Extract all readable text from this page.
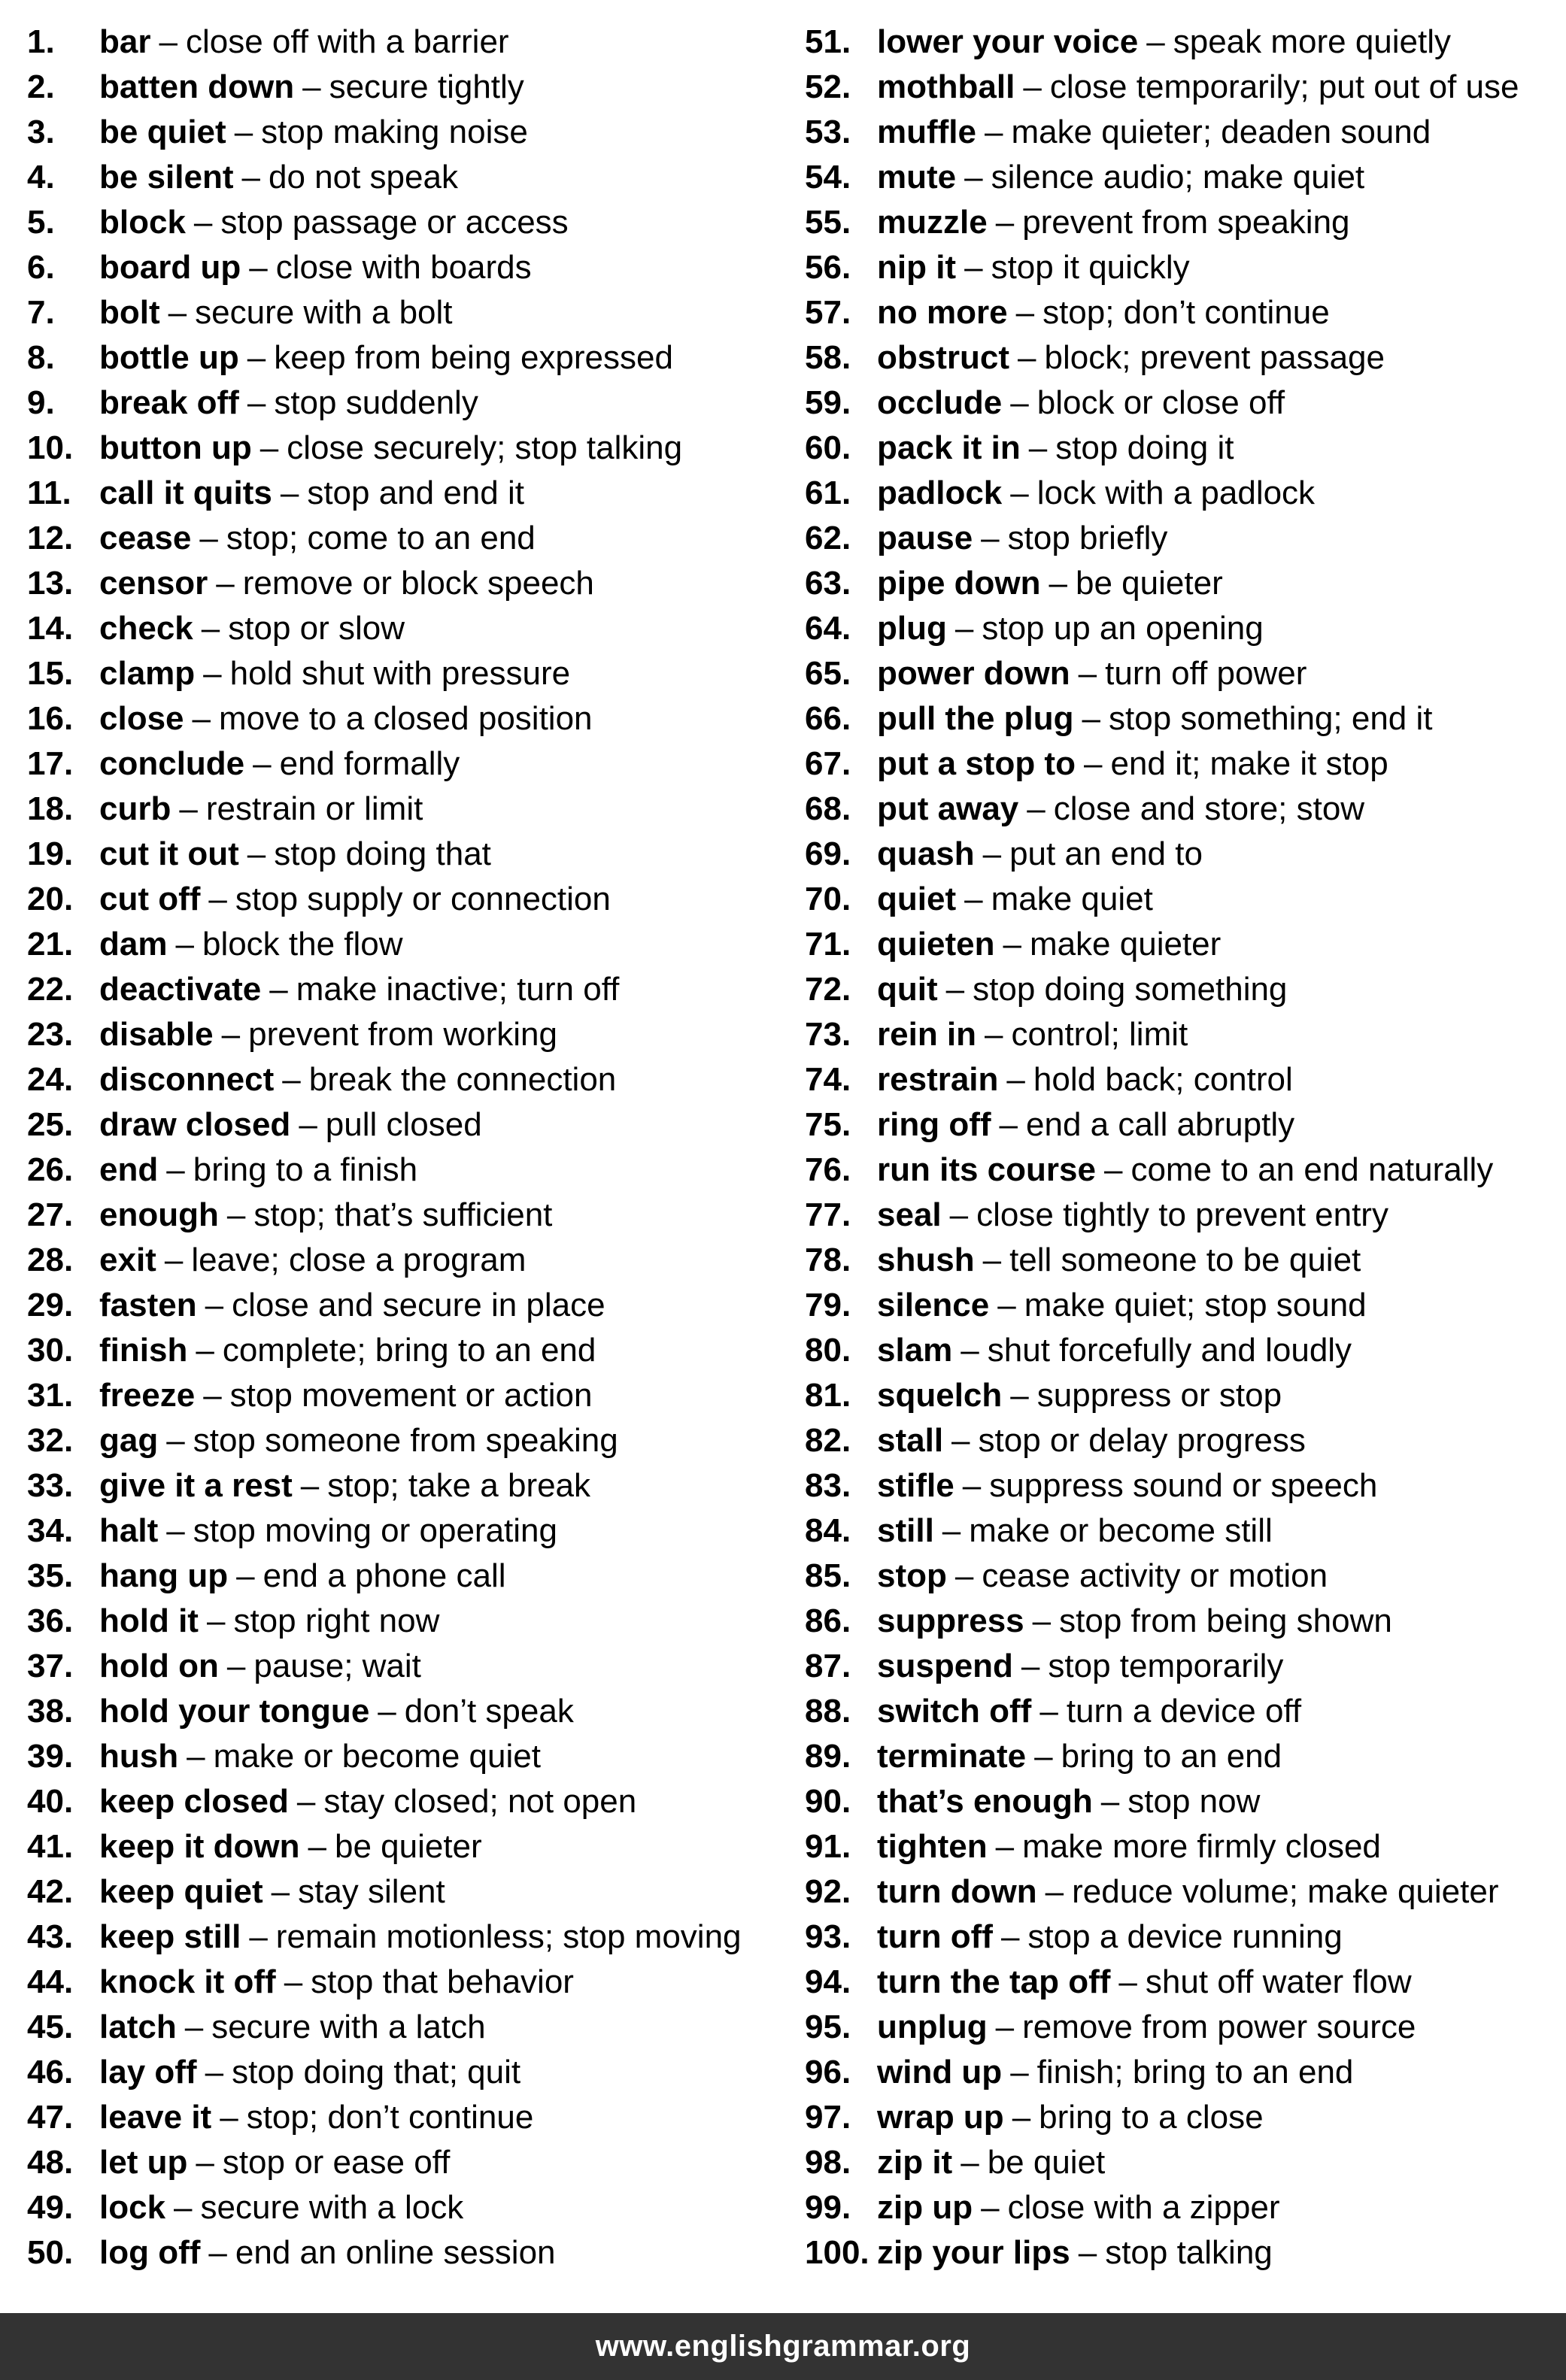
1.	bar – close off with a barrier
2.	batten down – secure tightly
3.	be quiet – stop making noise
4.	be silent – do not speak
5.	block – stop passage or access
6.	board up – close with boards
7.	bolt – secure with a bolt
8.	bottle up – keep from being expressed
9.	break off – stop suddenly
10. button up – close securely; stop talking
11. call it quits – stop and end it
12. cease – stop; come to an end
13. censor – remove or block speech
14. check – stop or slow
15. clamp – hold shut with pressure
16. close – move to a closed position
17. conclude – end formally
18. curb – restrain or limit
19. cut it out – stop doing that
20. cut off – stop supply or connection
21. dam – block the flow
22. deactivate – make inactive; turn off
23. disable – prevent from working
24. disconnect – break the connection
25. draw closed – pull closed
26. end – bring to a finish
27. enough – stop; that’s sufficient
28. exit – leave; close a program
29. fasten – close and secure in place
30. finish – complete; bring to an end
31. freeze – stop movement or action
32. gag – stop someone from speaking
33. give it a rest – stop; take a break
34. halt – stop moving or operating
35. hang up – end a phone call
36. hold it – stop right now
37. hold on – pause; wait
38. hold your tongue – don’t speak
39. hush – make or become quiet
40. keep closed – stay closed; not open
41. keep it down – be quieter
42. keep quiet – stay silent
43. keep still – remain motionless; stop moving
44. knock it off – stop that behavior
45. latch – secure with a latch
46. lay off – stop doing that; quit
47. leave it – stop; don’t continue
48. let up – stop or ease off
49. lock – secure with a lock
50. log off – end an online session
51. lower your voice – speak more quietly
52. mothball – close temporarily; put out of use
53. muffle – make quieter; deaden sound
54. mute – silence audio; make quiet
55. muzzle – prevent from speaking
56. nip it – stop it quickly
57. no more – stop; don’t continue
58. obstruct – block; prevent passage
59. occlude – block or close off
60. pack it in – stop doing it
61. padlock – lock with a padlock
62. pause – stop briefly
63. pipe down – be quieter
64. plug – stop up an opening
65. power down – turn off power
66. pull the plug – stop something; end it
67. put a stop to – end it; make it stop
68. put away – close and store; stow
69. quash – put an end to
70. quiet – make quiet
71. quieten – make quieter
72. quit – stop doing something
73. rein in – control; limit
74. restrain – hold back; control
75. ring off – end a call abruptly
76. run its course – come to an end naturally
77. seal – close tightly to prevent entry
78. shush – tell someone to be quiet
79. silence – make quiet; stop sound
80. slam – shut forcefully and loudly
81. squelch – suppress or stop
82. stall – stop or delay progress
83. stifle – suppress sound or speech
84. still – make or become still
85. stop – cease activity or motion
86. suppress – stop from being shown
87. suspend – stop temporarily
88. switch off – turn a device off
89. terminate – bring to an end
90. that’s enough – stop now
91. tighten – make more firmly closed
92. turn down – reduce volume; make quieter
93. turn off – stop a device running
94. turn the tap off – shut off water flow
95. unplug – remove from power source
96. wind up – finish; bring to an end
97. wrap up – bring to a close
98. zip it – be quiet
99. zip up – close with a zipper
100. zip your lips – stop talking
www.englishgrammar.org
